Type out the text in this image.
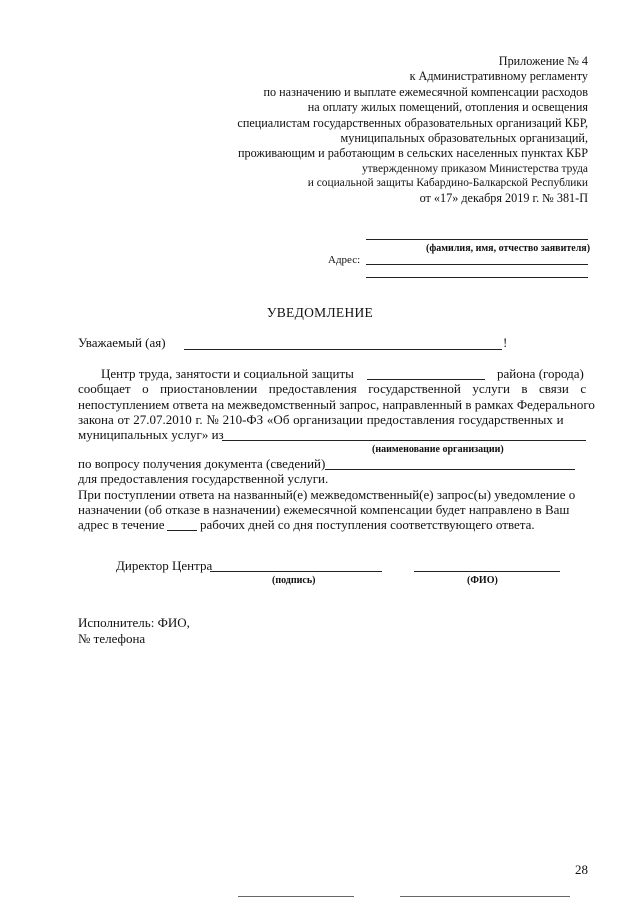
Приложение № 4
к Административному регламенту
по назначению и выплате ежемесячной компенсации расходов
на оплату жилых помещений, отопления и освещения
специалистам государственных образовательных организаций КБР,
муниципальных образовательных организаций,
проживающим и работающим в сельских населенных пунктах КБР
утвержденному приказом Министерства труда
и социальной защиты Кабардино-Балкарской Республики
от «17» декабря 2019 г. № 381-П
(фамилия, имя, отчество заявителя)
Адрес:
УВЕДОМЛЕНИЕ
Уважаемый (ая)	!
Центр труда, занятости и социальной защиты	района (города)
сообщает о приостановлении предоставления государственной услуги в связи с
непоступлением ответа на межведомственный запрос, направленный в рамках Федерального
закона от 27.07.2010 г. № 210-ФЗ «Об организации предоставления государственных и
муниципальных услуг» из
(наименование организации)
по вопросу получения документа (сведений)
для предоставления государственной услуги.
При поступлении ответа на названный(е) межведомственный(е) запрос(ы) уведомление о
назначении (об отказе в назначении) ежемесячной компенсации будет направлено в Ваш
адрес в течение	рабочих дней со дня поступления соответствующего ответа.
Директор Центра
(подпись)	(ФИО)
Исполнитель: ФИО,
№ телефона
28
